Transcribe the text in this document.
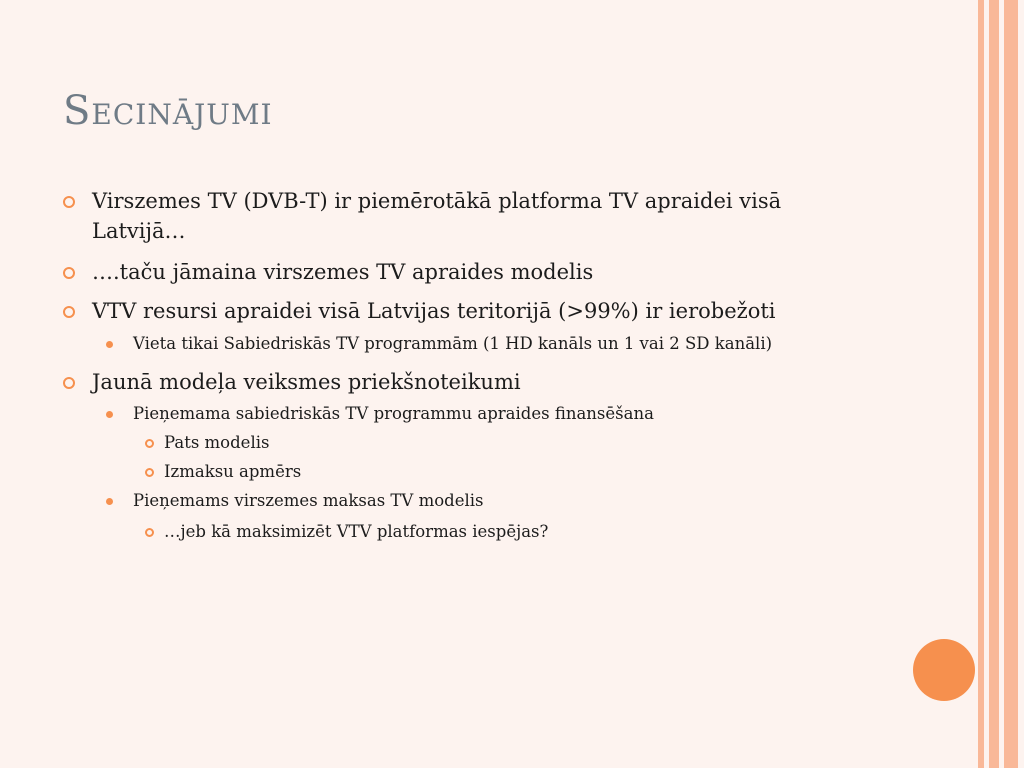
Secinājumi
Virszemes TV (DVB-T) ir piemērotākā platforma TV apraidei visā
Latvijā…
….taču jāmaina virszemes TV apraides modelis
VTV resursi apraidei visā Latvijas teritorijā (>99%) ir ierobežoti
Vieta tikai Sabiedriskās TV programmām (1 HD kanāls un 1 vai 2 SD kanāli)
Jaunā modeļa veiksmes priekšnoteikumi
Pieņemama sabiedriskās TV programmu apraides finansēšana
Pats modelis
Izmaksu apmērs
Pieņemams virszemes maksas TV modelis
…jeb kā maksimizēt VTV platformas iespējas?
